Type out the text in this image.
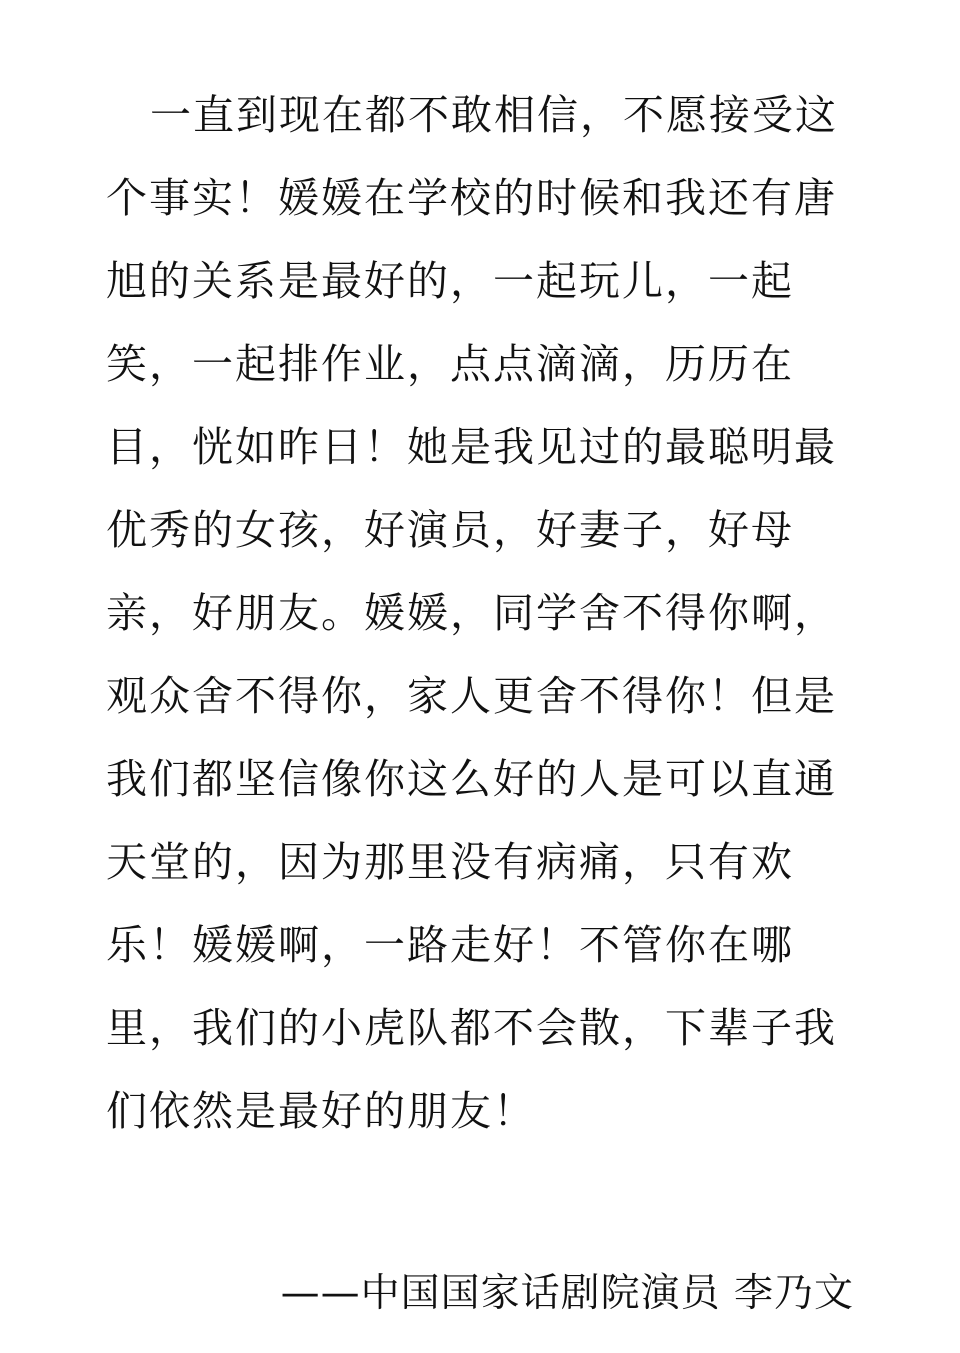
一直到现在都不敢相信，不愿接受这
个事实！媛媛在学校的时候和我还有唐
旭的关系是最好的，一起玩儿，一起
笑，一起排作业，点点滴滴，历历在
目，恍如昨日！她是我见过的最聪明最
优秀的女孩，好演员，好妻子，好母
亲，好朋友。媛媛，同学舍不得你啊，
观众舍不得你，家人更舍不得你！但是
我们都坚信像你这么好的人是可以直通
天堂的，因为那里没有病痛，只有欢
乐！媛媛啊，一路走好！不管你在哪
里，我们的小虎队都不会散，下辈子我
们依然是最好的朋友！
——中国国家话剧院演员 李乃文
